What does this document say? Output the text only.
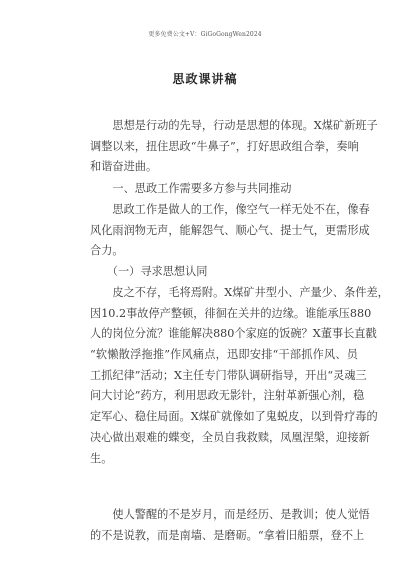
更多免费公文+V：GiGoGongWen2024
思政课讲稿
　　思想是行动的先导，行动是思想的体现。X煤矿新班子
调整以来，扭住思政“牛鼻子”，打好思政组合拳，奏响
和谐奋进曲。
　　一、思政工作需要多方参与共同推动
　　思政工作是做人的工作，像空气一样无处不在，像春
风化雨润物无声，能解怨气、顺心气、提士气，更需形成
合力。
　　（一）寻求思想认同
　　皮之不存，毛将焉附。X煤矿井型小、产量少、条件差，
因10.2事故停产整顿，徘徊在关井的边缘。谁能承压880
人的岗位分流？谁能解决880个家庭的饭碗？X董事长直戳
“软懒散浮拖推”作风痛点，迅即安排“干部抓作风、员
工抓纪律”活动；X主任专门带队调研指导，开出“灵魂三
问大讨论”药方，利用思政无影针，注射革新强心剂，稳
定军心、稳住局面。X煤矿就像如了鬼蜕皮，以到骨疗毒的
决心做出艰难的蝶变，全员自我救赎，凤凰涅槃，迎接新
生。
　　使人警醒的不是岁月，而是经历、是教训；使人觉悟
的不是说教，而是南墙、是磨砺。“拿着旧船票，登不上
